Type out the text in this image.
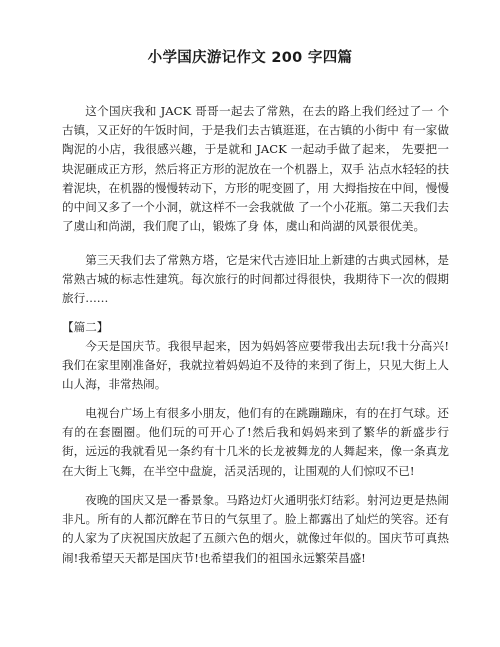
小学国庆游记作文 200 字四篇

这个国庆我和 JACK 哥哥一起去了常熟，在去的路上我们经过了一 个古镇，又正好的午饭时间，于是我们去古镇逛逛，在古镇的小街中 有一家做陶泥的小店，我很感兴趣，于是就和 JACK 一起动手做了起来， 先要把一块泥砸成正方形，然后将正方形的泥放在一个机器上，双手 沾点水轻轻的扶着泥块，在机器的慢慢转动下，方形的呢变圆了，用 大拇指按在中间，慢慢的中间又多了一个小洞，就这样不一会我就做 了一个小花瓶。第二天我们去了虞山和尚湖，我们爬了山，锻炼了身 体，虞山和尚湖的风景很优美。

第三天我们去了常熟方塔，它是宋代古迹旧址上新建的古典式园林，是常熟古城的标志性建筑。每次旅行的时间都过得很快，我期待下一次的假期旅行……

【篇二】

今天是国庆节。我很早起来，因为妈妈答应要带我出去玩!我十分高兴!我们在家里刚准备好，我就拉着妈妈迫不及待的来到了街上，只见大街上人山人海，非常热闹。

电视台广场上有很多小朋友，他们有的在跳蹦蹦床，有的在打气球。还有的在套圈圈。他们玩的可开心了!然后我和妈妈来到了繁华的新盛步行街，远远的我就看见一条约有十几米的长龙被舞龙的人舞起来，像一条真龙在大街上飞舞，在半空中盘旋，活灵活现的，让围观的人们惊叹不已!

夜晚的国庆又是一番景象。马路边灯火通明张灯结彩。射河边更是热闹非凡。所有的人都沉醉在节日的气氛里了。脸上都露出了灿烂的笑容。还有的人家为了庆祝国庆放起了五颜六色的烟火，就像过年似的。国庆节可真热闹!我希望天天都是国庆节!也希望我们的祖国永远繁荣昌盛!
